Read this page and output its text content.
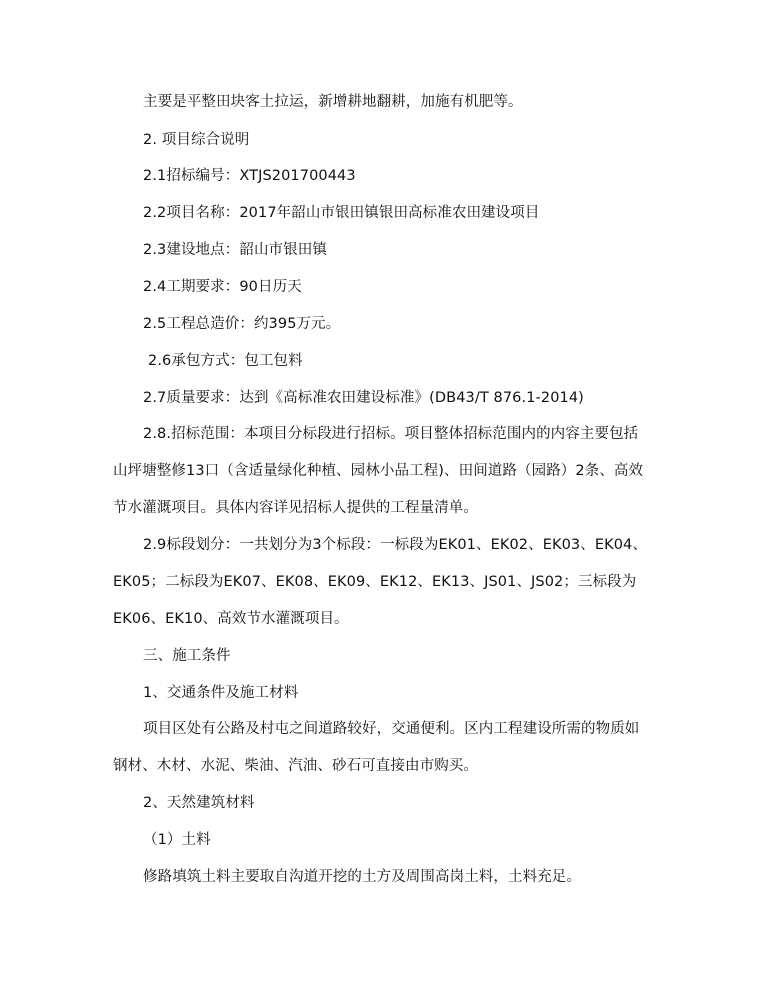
主要是平整田块客土拉运，新增耕地翻耕，加施有机肥等。
2. 项目综合说明
2.1招标编号：XTJS201700443
2.2项目名称：2017年韶山市银田镇银田高标准农田建设项目
2.3建设地点：韶山市银田镇
2.4工期要求：90日历天
2.5工程总造价：约395万元。
2.6承包方式：包工包料
2.7质量要求：达到《高标准农田建设标准》(DB43/T 876.1-2014)
2.8.招标范围：本项目分标段进行招标。项目整体招标范围内的内容主要包括
山坪塘整修13口（含适量绿化种植、园林小品工程)、田间道路（园路）2条、高效
节水灌溉项目。具体内容详见招标人提供的工程量清单。
2.9标段划分：一共划分为3个标段：一标段为EK01、EK02、EK03、EK04、
EK05；二标段为EK07、EK08、EK09、EK12、EK13、JS01、JS02；三标段为
EK06、EK10、高效节水灌溉项目。
三、施工条件
1、交通条件及施工材料
项目区处有公路及村屯之间道路较好，交通便利。区内工程建设所需的物质如
钢材、木材、水泥、柴油、汽油、砂石可直接由市购买。
2、天然建筑材料
（1）土料
修路填筑土料主要取自沟道开挖的土方及周围高岗土料，土料充足。
